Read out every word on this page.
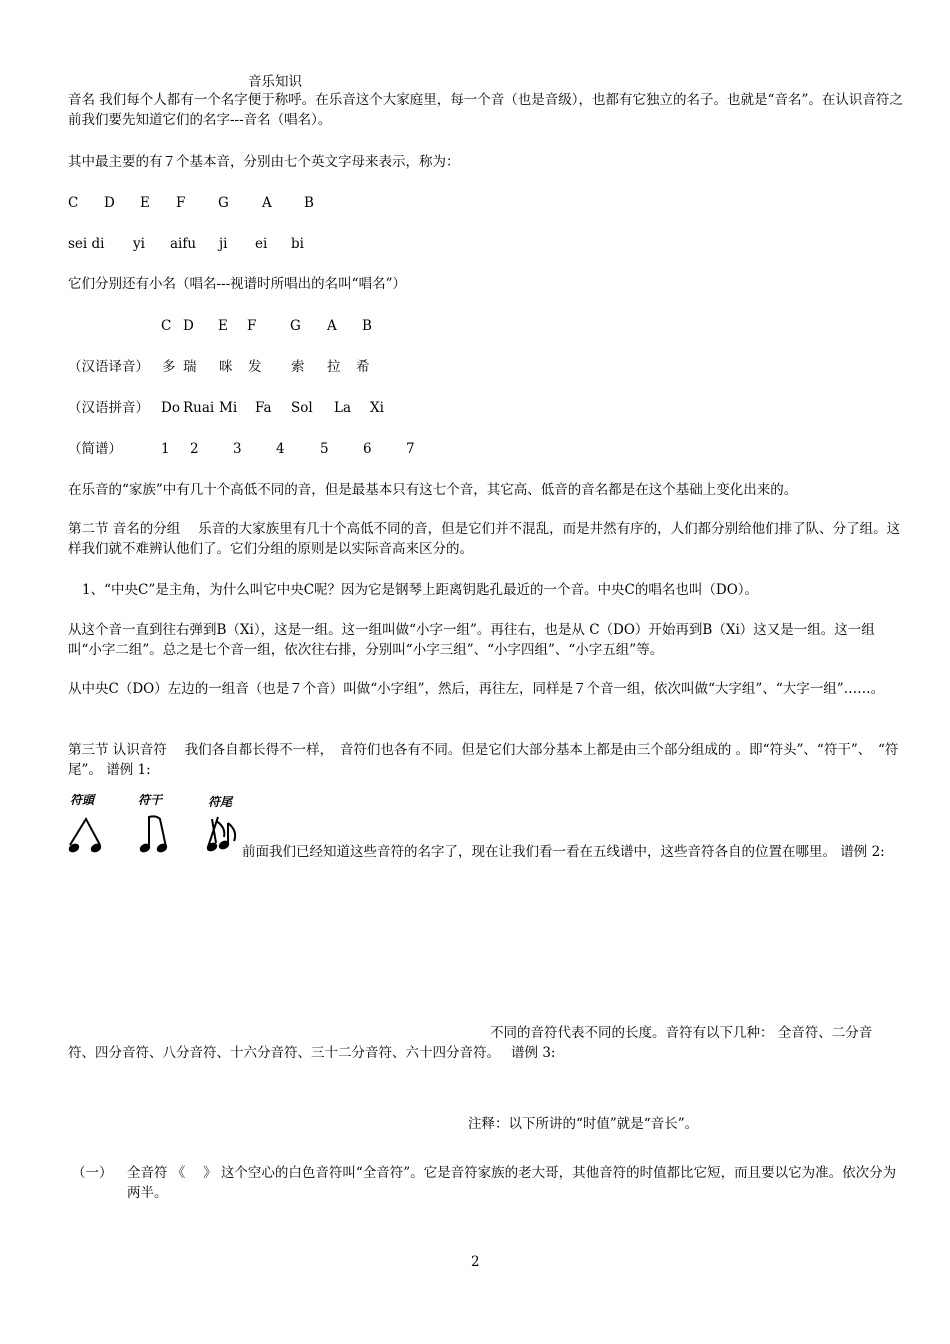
音乐知识
音名 我们每个人都有一个名字便于称呼。在乐音这个大家庭里，每一个音（也是音级），也都有它独立的名子。也就是“音名”。在认识音符之前我们要先知道它们的名字---音名（唱名）。
其中最主要的有７个基本音，分别由七个英文字母来表示，称为：
C D E F G A B
sei di yi aifu ji ei bi
它们分别还有小名（唱名---视谱时所唱出的名叫“唱名”）
C D E F G A B
（汉语译音） 多 瑞 咪 发 索 拉 希
（汉语拼音） Do Ruai Mi Fa Sol La Xi
（简谱）	1 2	3	4	5	6	7
在乐音的“家族”中有几十个高低不同的音，但是最基本只有这七个音，其它高、低音的音名都是在这个基础上变化出来的。
第二节 音名的分组　 乐音的大家族里有几十个高低不同的音，但是它们并不混乱，而是井然有序的，人们都分别给他们排了队、分了组。这样我们就不难辨认他们了。它们分组的原则是以实际音高来区分的。
1、“中央C”是主角，为什么叫它中央C呢？因为它是钢琴上距离钥匙孔最近的一个音。中央C的唱名也叫（DO）。
从这个音一直到往右弹到B（Xi），这是一组。这一组叫做“小字一组”。再往右，也是从 C（DO）开始再到B（Xi）这又是一组。这一组叫“小字二组”。总之是七个音一组，依次往右排，分别叫“小字三组”、“小字四组”、“小字五组”等。
从中央C（DO）左边的一组音（也是７个音）叫做“小字组”，然后，再往左，同样是７个音一组，依次叫做“大字组”、“大字一组”……。
第三节 认识音符　 我们各自都长得不一样，　音符们也各有不同。但是它们大部分基本上都是由三个部分组成的 。即“符头”、“符干”、　“符尾”。 谱例 1:
符頭	符干	符尾
前面我们已经知道这些音符的名字了，现在让我们看一看在五线谱中，这些音符各自的位置在哪里。 谱例 2:
不同的音符代表不同的长度。音符有以下几种： 全音符、二分音
符、四分音符、八分音符、十六分音符、三十二分音符、六十四分音符。　 谱例 3:
注释：以下所讲的“时值”就是“音长”。
（一） 全音符 《　 》 这个空心的白色音符叫“全音符”。它是音符家族的老大哥，其他音符的时值都比它短，而且要以它为准。依次分为两半。
2
